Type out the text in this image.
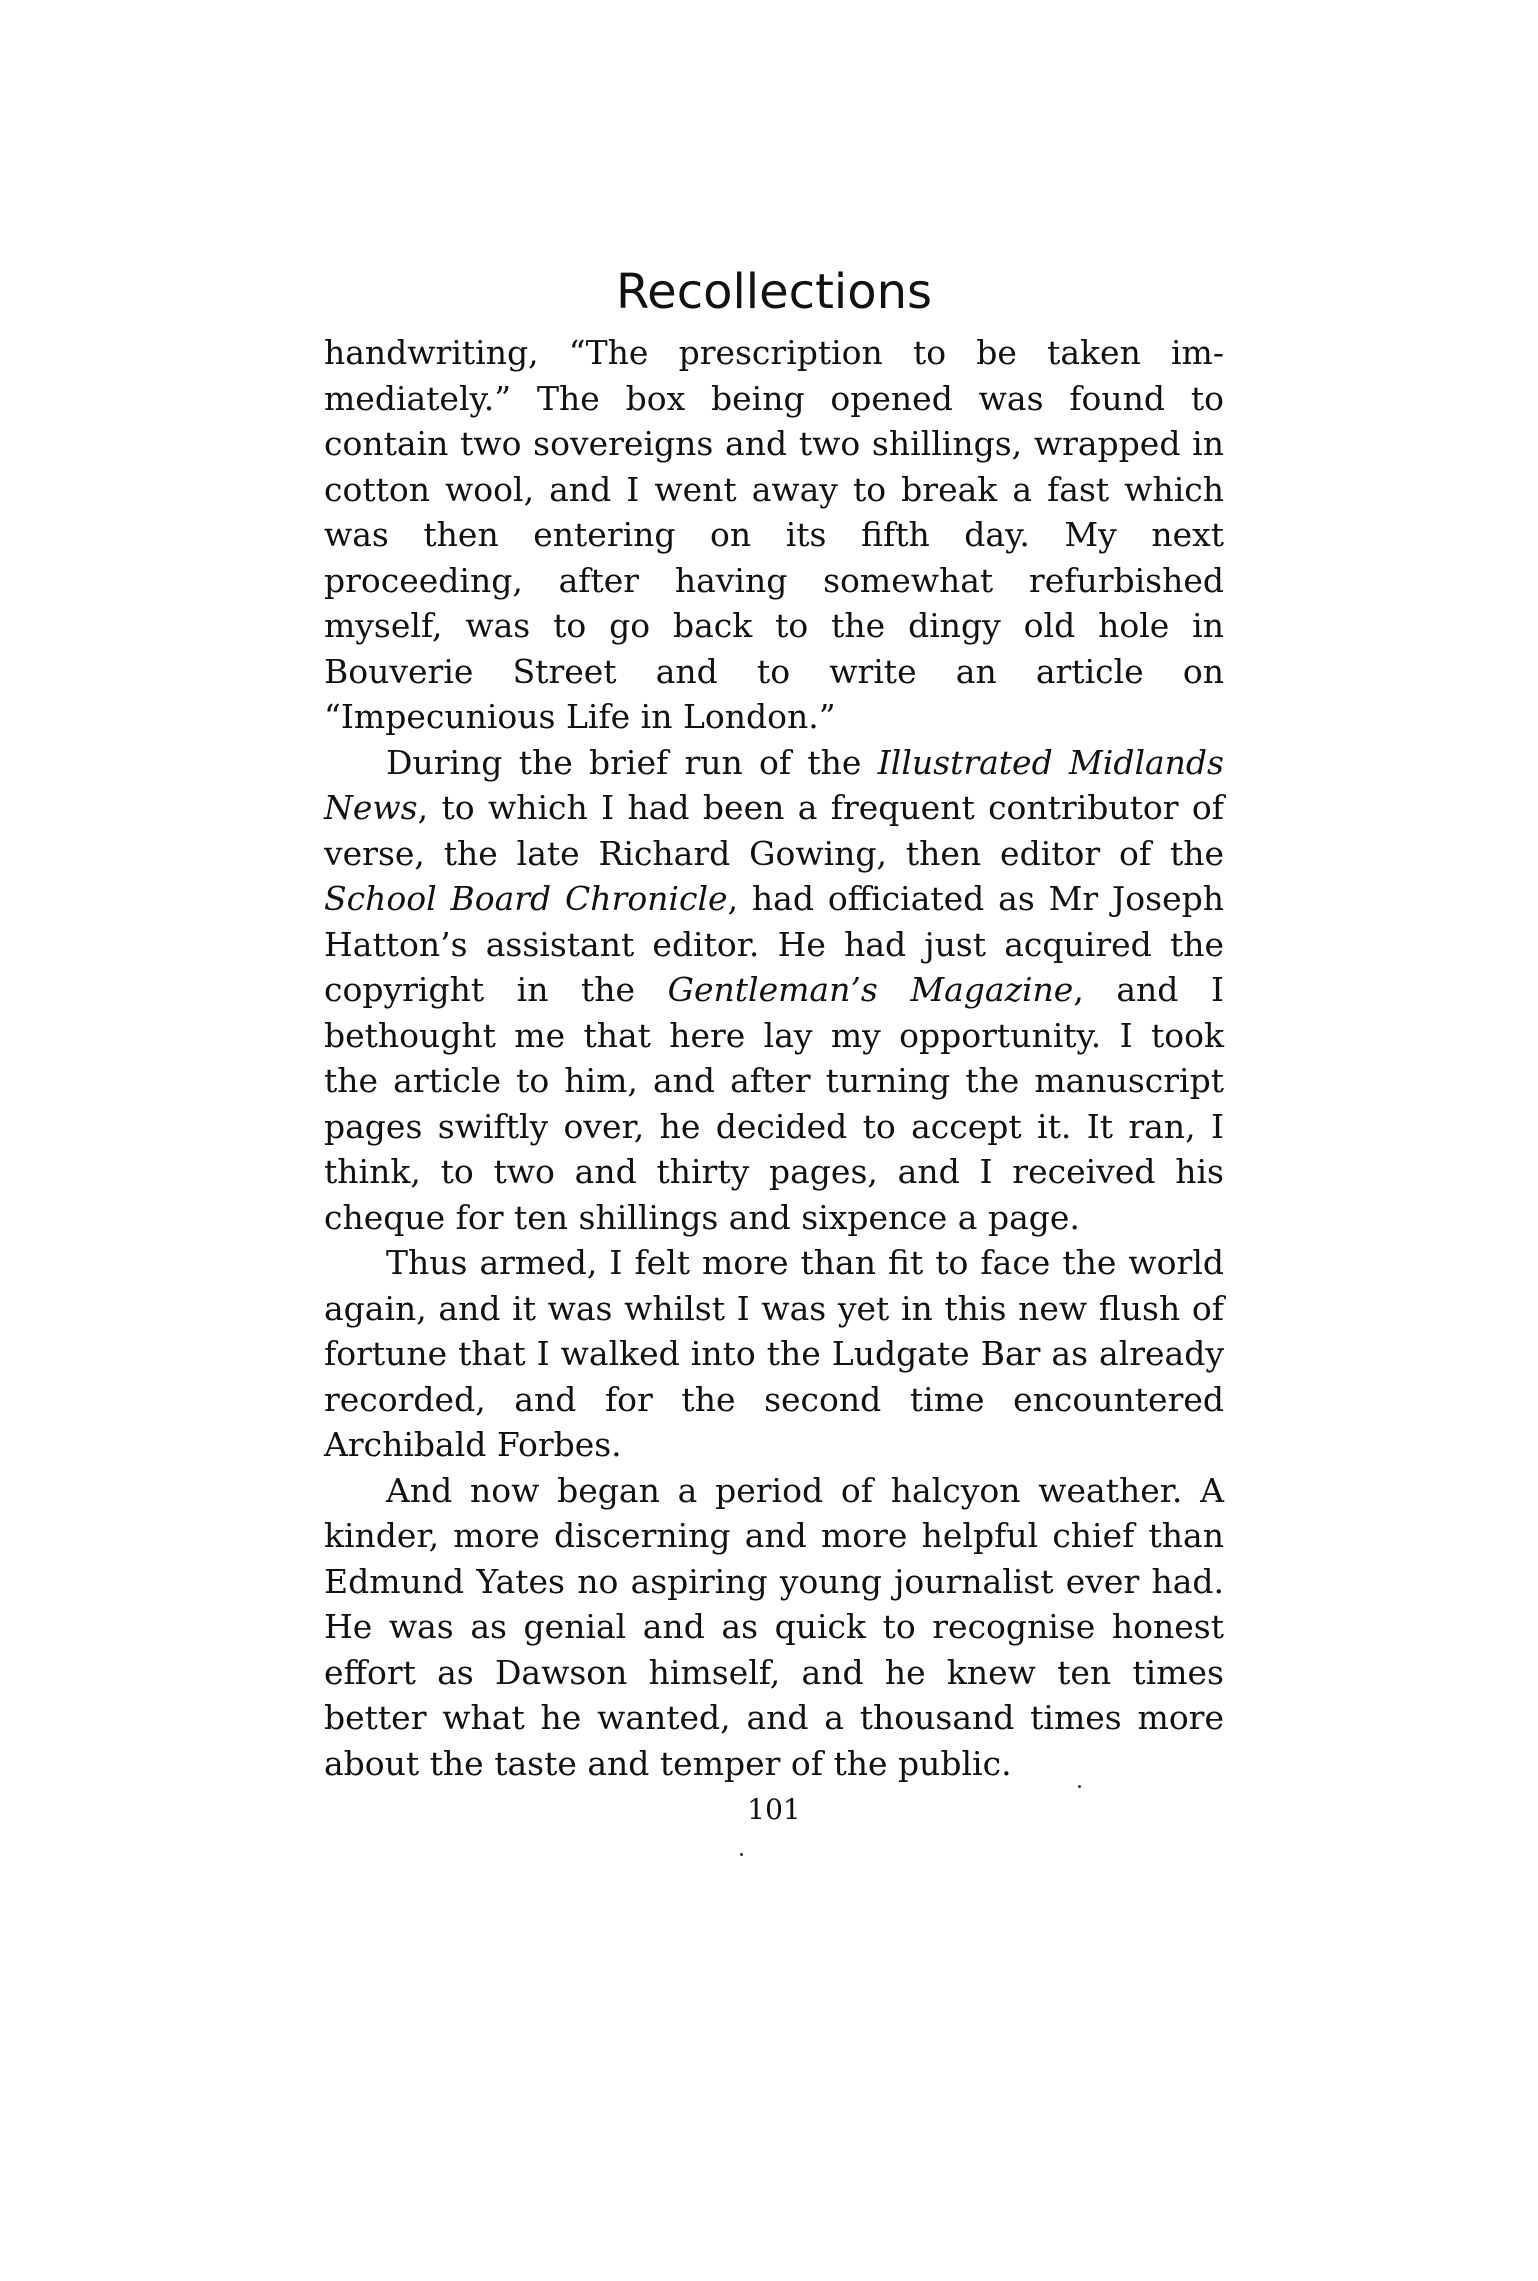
Recollections

handwriting, “The prescription to be taken immediately.” The box being opened was found to contain two sovereigns and two shillings, wrapped in cotton wool, and I went away to break a fast which was then entering on its fifth day. My next proceeding, after having somewhat refurbished myself, was to go back to the dingy old hole in Bouverie Street and to write an article on “Impecunious Life in London.”

During the brief run of the Illustrated Midlands News, to which I had been a frequent contributor of verse, the late Richard Gowing, then editor of the School Board Chronicle, had officiated as Mr Joseph Hatton’s assistant editor. He had just acquired the copyright in the Gentleman’s Magazine, and I bethought me that here lay my opportunity. I took the article to him, and after turning the manuscript pages swiftly over, he decided to accept it. It ran, I think, to two and thirty pages, and I received his cheque for ten shillings and sixpence a page.

Thus armed, I felt more than fit to face the world again, and it was whilst I was yet in this new flush of fortune that I walked into the Ludgate Bar as already recorded, and for the second time encountered Archibald Forbes.

And now began a period of halcyon weather. A kinder, more discerning and more helpful chief than Edmund Yates no aspiring young journalist ever had. He was as genial and as quick to recognise honest effort as Dawson himself, and he knew ten times better what he wanted, and a thousand times more about the taste and temper of the public.

101
